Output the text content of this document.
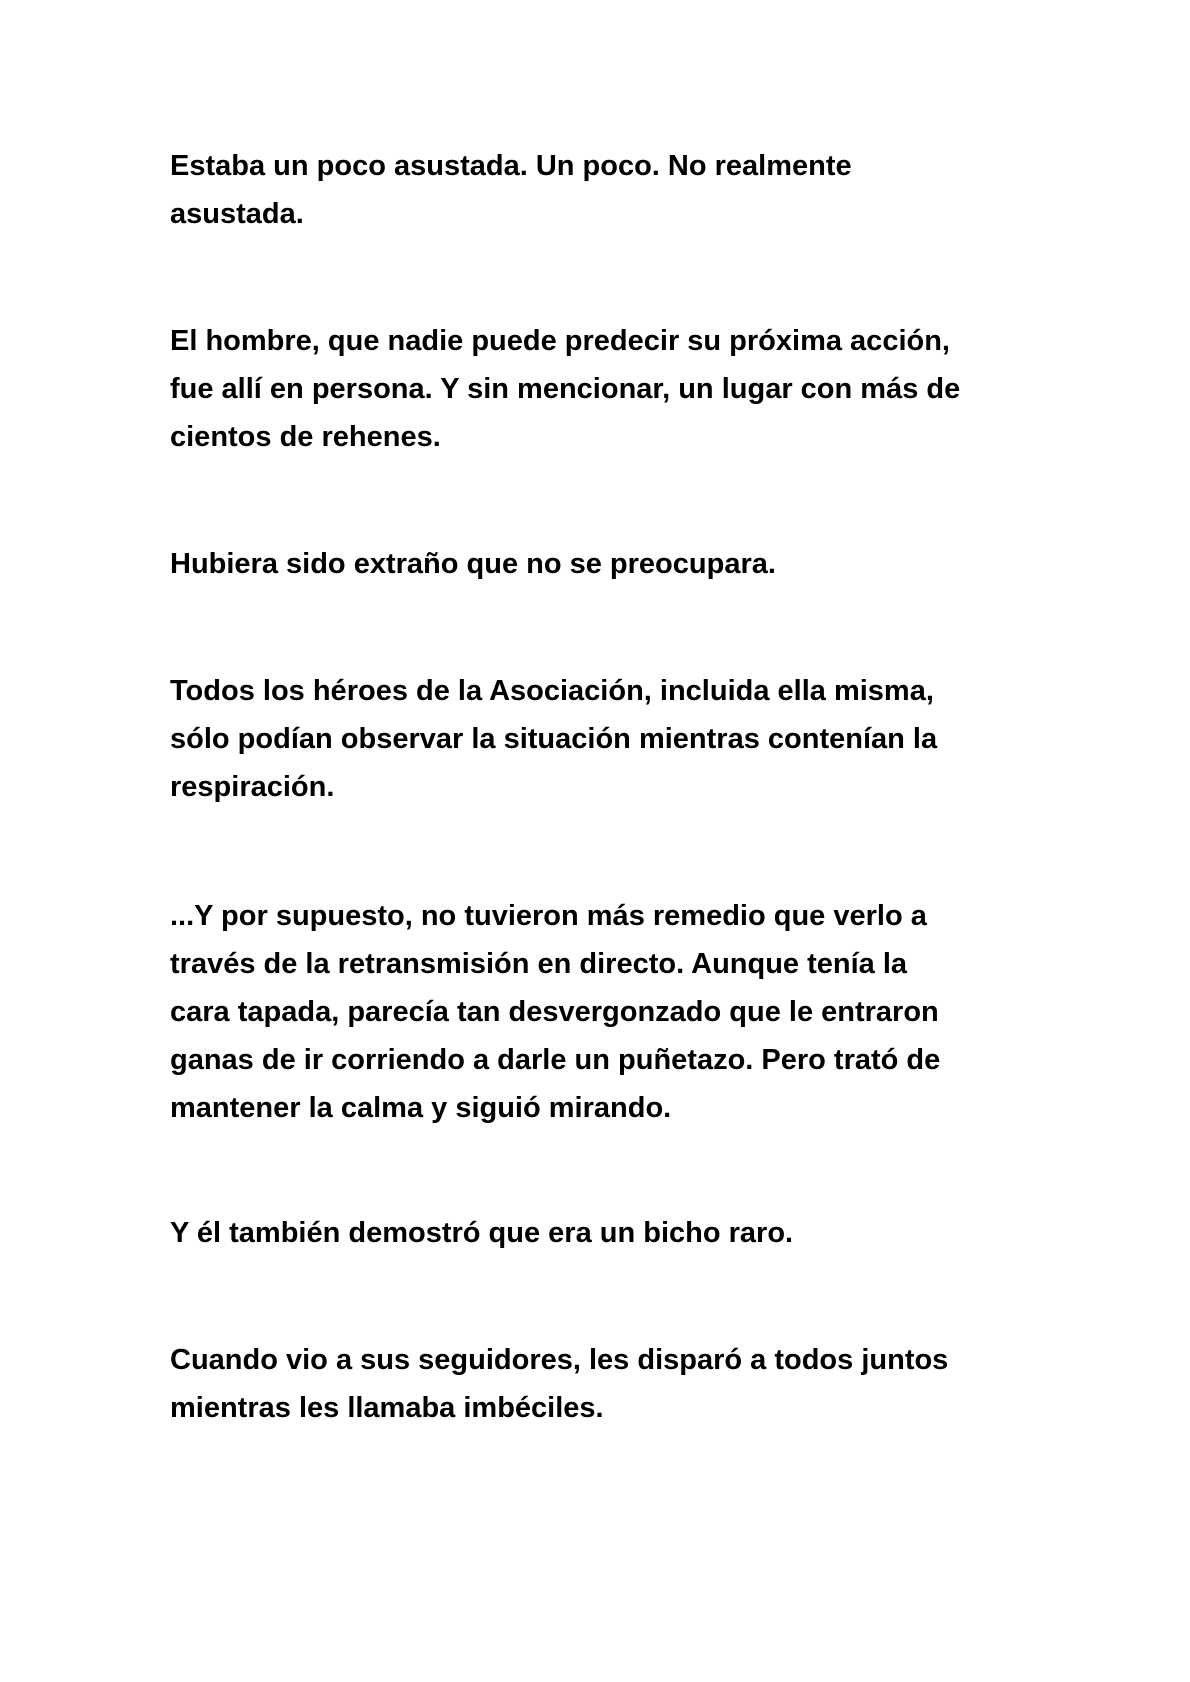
Estaba un poco asustada. Un poco. No realmente
asustada.

El hombre, que nadie puede predecir su próxima acción,
fue allí en persona. Y sin mencionar, un lugar con más de
cientos de rehenes.

Hubiera sido extraño que no se preocupara.

Todos los héroes de la Asociación, incluida ella misma,
sólo podían observar la situación mientras contenían la
respiración.

...Y por supuesto, no tuvieron más remedio que verlo a
través de la retransmisión en directo. Aunque tenía la
cara tapada, parecía tan desvergonzado que le entraron
ganas de ir corriendo a darle un puñetazo. Pero trató de
mantener la calma y siguió mirando.

Y él también demostró que era un bicho raro.

Cuando vio a sus seguidores, les disparó a todos juntos
mientras les llamaba imbéciles.
